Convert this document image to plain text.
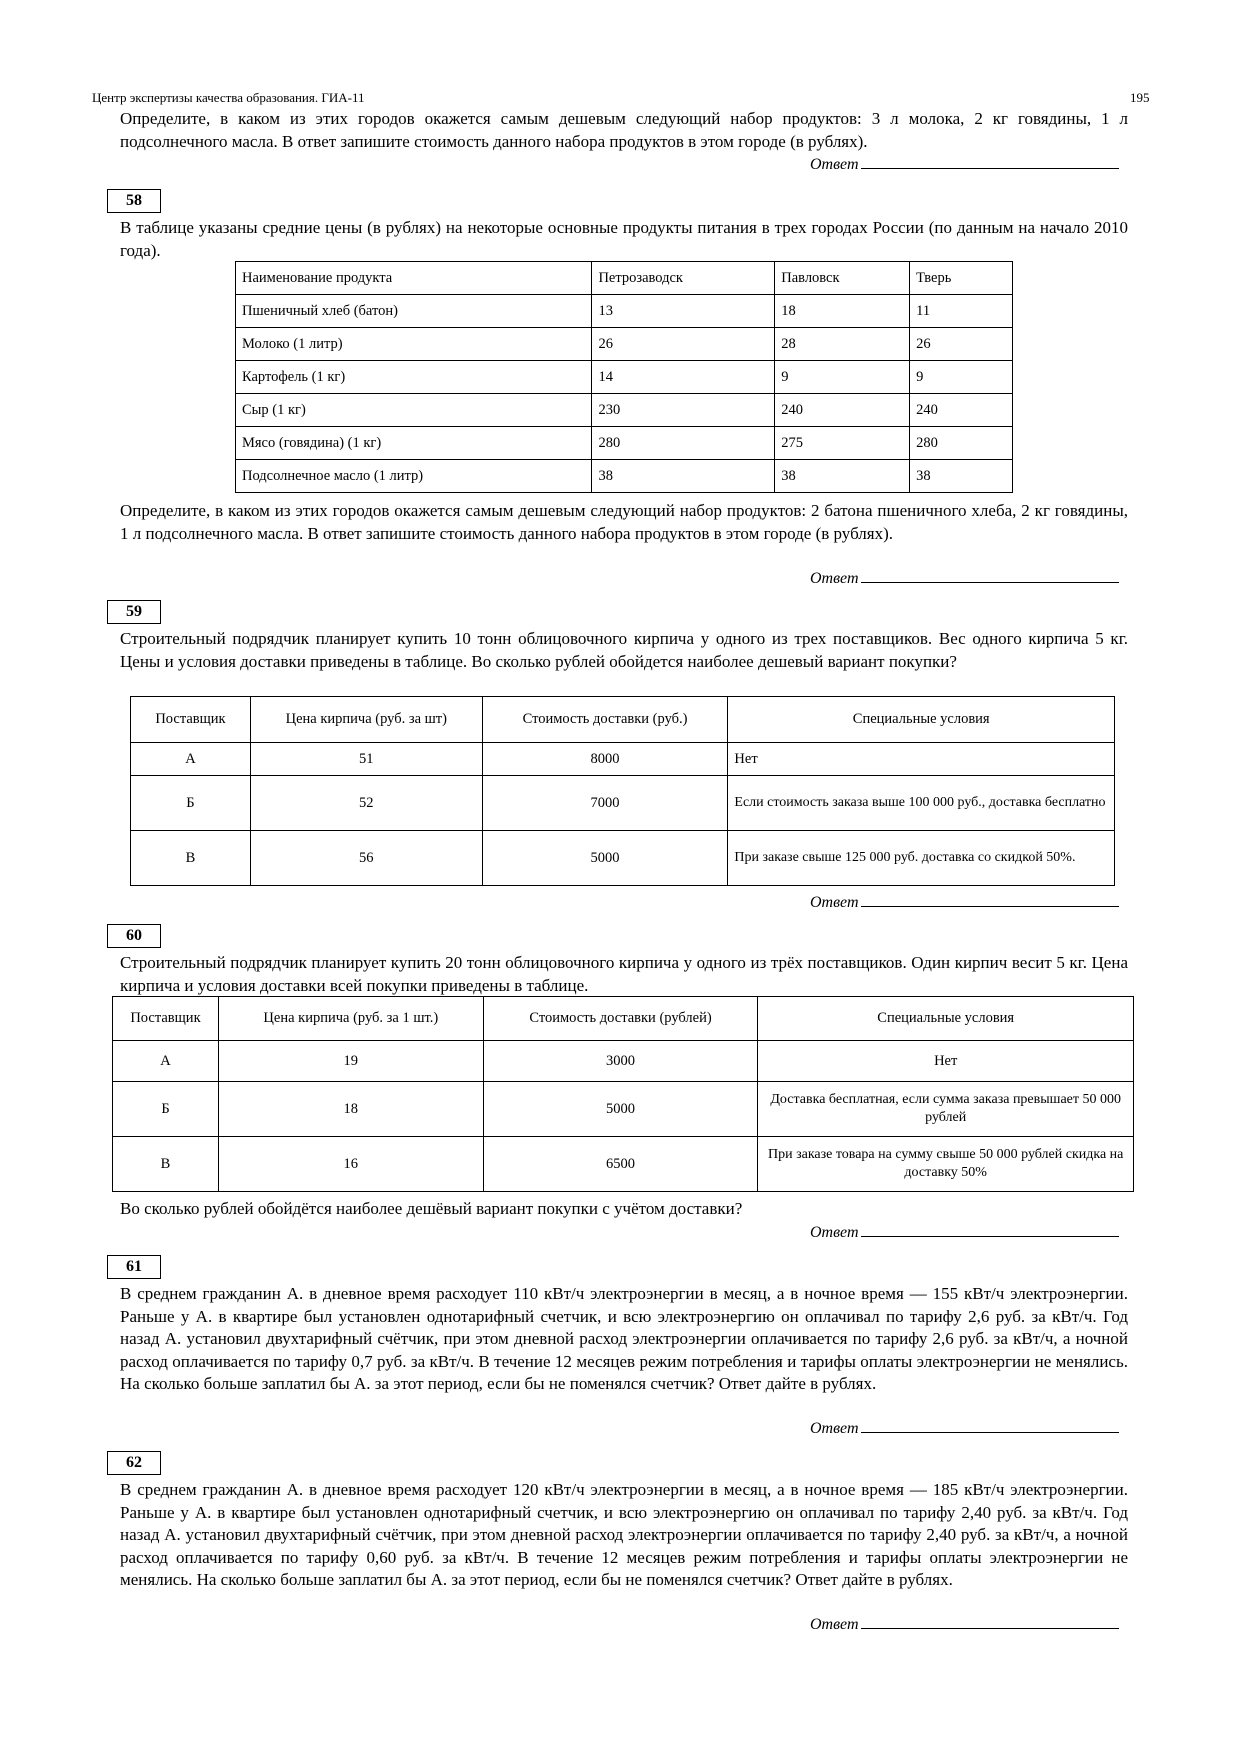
Центр экспертизы качества образования. ГИА-11	195
Определите, в каком из этих городов окажется самым дешевым следующий набор продуктов: 3 л молока, 2 кг говядины, 1 л подсолнечного масла. В ответ запишите стоимость данного набора продуктов в этом городе (в рублях).
Ответ
58
В таблице указаны средние цены (в рублях) на некоторые основные продукты питания в трех городах России (по данным на начало 2010 года).
Наименование продукта	Петрозаводск	Павловск	Тверь
Пшеничный хлеб (батон)	13	18	11
Молоко (1 литр)	26	28	26
Картофель (1 кг)	14	9	9
Сыр (1 кг)	230	240	240
Мясо (говядина) (1 кг)	280	275	280
Подсолнечное масло (1 литр)	38	38	38
Определите, в каком из этих городов окажется самым дешевым следующий набор продуктов: 2 батона пшеничного хлеба, 2 кг говядины, 1 л подсолнечного масла. В ответ запишите стоимость данного набора продуктов в этом городе (в рублях).
Ответ
59
Строительный подрядчик планирует купить 10 тонн облицовочного кирпича у одного из трех поставщиков. Вес одного кирпича 5 кг. Цены и условия доставки приведены в таблице. Во сколько рублей обойдется наиболее дешевый вариант покупки?
Поставщик	Цена кирпича (руб. за шт)	Стоимость доставки (руб.)	Специальные условия
А	51	8000	Нет
Б	52	7000	Если стоимость заказа выше 100 000 руб., доставка бесплатно
В	56	5000	При заказе свыше 125 000 руб. доставка со скидкой 50%.
Ответ
60
Строительный подрядчик планирует купить 20 тонн облицовочного кирпича у одного из трёх поставщиков. Один кирпич весит 5 кг. Цена кирпича и условия доставки всей покупки приведены в таблице.
Поставщик	Цена кирпича (руб. за 1 шт.)	Стоимость доставки (рублей)	Специальные условия
А	19	3000	Нет
Б	18	5000	Доставка бесплатная, если сумма заказа превышает 50 000 рублей
В	16	6500	При заказе товара на сумму свыше 50 000 рублей скидка на доставку 50%
Во сколько рублей обойдётся наиболее дешёвый вариант покупки с учётом доставки?
Ответ
61
В среднем гражданин А. в дневное время расходует 110 кВт/ч электроэнергии в месяц, а в ночное время — 155 кВт/ч электроэнергии. Раньше у А. в квартире был установлен однотарифный счетчик, и всю электроэнергию он оплачивал по тарифу 2,6 руб. за кВт/ч. Год назад А. установил двухтарифный счётчик, при этом дневной расход электроэнергии оплачивается по тарифу 2,6 руб. за кВт/ч, а ночной расход оплачивается по тарифу 0,7 руб. за кВт/ч. В течение 12 месяцев режим потребления и тарифы оплаты электроэнергии не менялись. На сколько больше заплатил бы А. за этот период, если бы не поменялся счетчик? Ответ дайте в рублях.
Ответ
62
В среднем гражданин А. в дневное время расходует 120 кВт/ч электроэнергии в месяц, а в ночное время — 185 кВт/ч электроэнергии. Раньше у А. в квартире был установлен однотарифный счетчик, и всю электроэнергию он оплачивал по тарифу 2,40 руб. за кВт/ч. Год назад А. установил двухтарифный счётчик, при этом дневной расход электроэнергии оплачивается по тарифу 2,40 руб. за кВт/ч, а ночной расход оплачивается по тарифу 0,60 руб. за кВт/ч. В течение 12 месяцев режим потребления и тарифы оплаты электроэнергии не менялись. На сколько больше заплатил бы А. за этот период, если бы не поменялся счетчик? Ответ дайте в рублях.
Ответ
